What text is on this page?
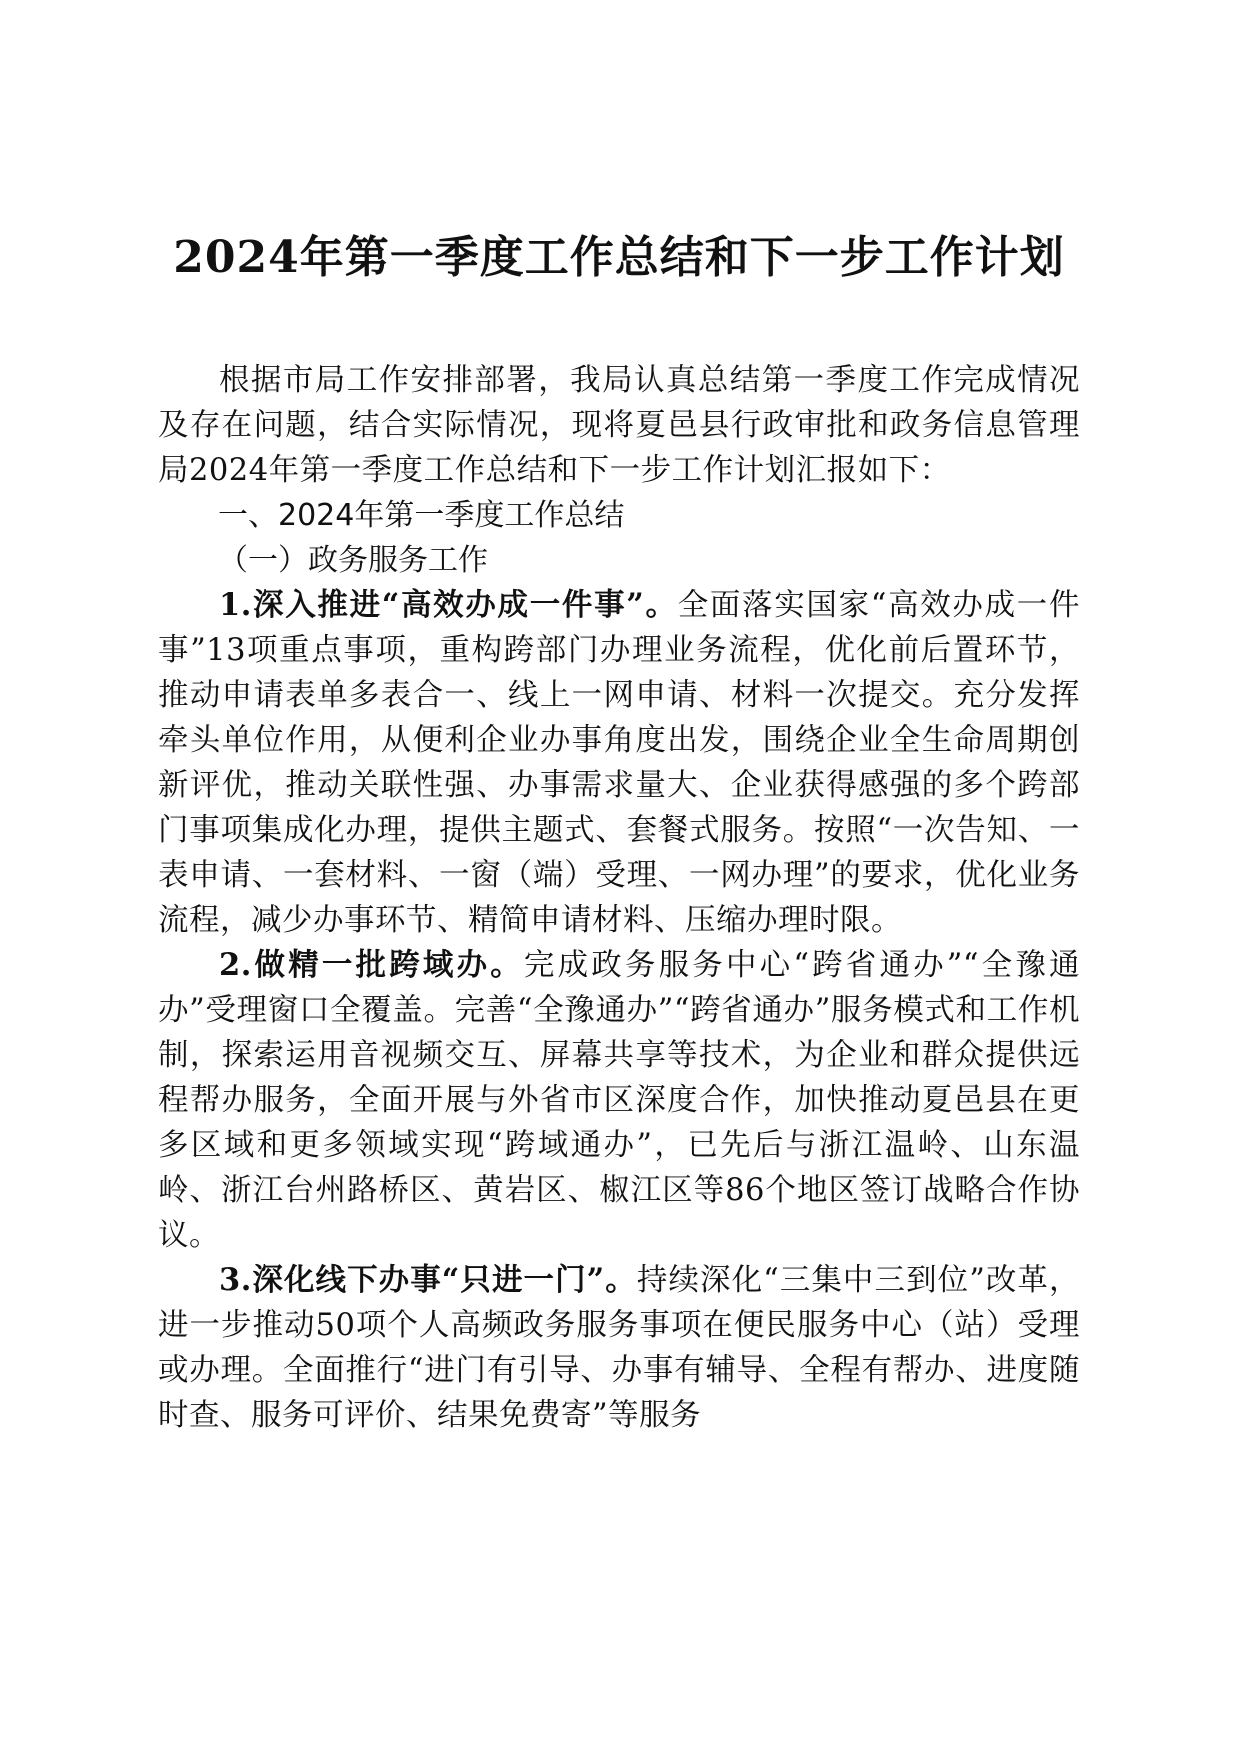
2024年第一季度工作总结和下一步工作计划

根据市局工作安排部署，我局认真总结第一季度工作完成情况及存在问题，结合实际情况，现将夏邑县行政审批和政务信息管理局2024年第一季度工作总结和下一步工作计划汇报如下：

一、2024年第一季度工作总结

（一）政务服务工作

1.深入推进“高效办成一件事”。全面落实国家“高效办成一件事”13项重点事项，重构跨部门办理业务流程，优化前后置环节，推动申请表单多表合一、线上一网申请、材料一次提交。充分发挥牵头单位作用，从便利企业办事角度出发，围绕企业全生命周期创新评优，推动关联性强、办事需求量大、企业获得感强的多个跨部门事项集成化办理，提供主题式、套餐式服务。按照“一次告知、一表申请、一套材料、一窗（端）受理、一网办理”的要求，优化业务流程，减少办事环节、精简申请材料、压缩办理时限。

2.做精一批跨域办。完成政务服务中心“跨省通办”“全豫通办”受理窗口全覆盖。完善“全豫通办”“跨省通办”服务模式和工作机制，探索运用音视频交互、屏幕共享等技术，为企业和群众提供远程帮办服务，全面开展与外省市区深度合作，加快推动夏邑县在更多区域和更多领域实现“跨域通办”，已先后与浙江温岭、山东温岭、浙江台州路桥区、黄岩区、椒江区等86个地区签订战略合作协议。

3.深化线下办事“只进一门”。持续深化“三集中三到位”改革，进一步推动50项个人高频政务服务事项在便民服务中心（站）受理或办理。全面推行“进门有引导、办事有辅导、全程有帮办、进度随时查、服务可评价、结果免费寄”等服务
